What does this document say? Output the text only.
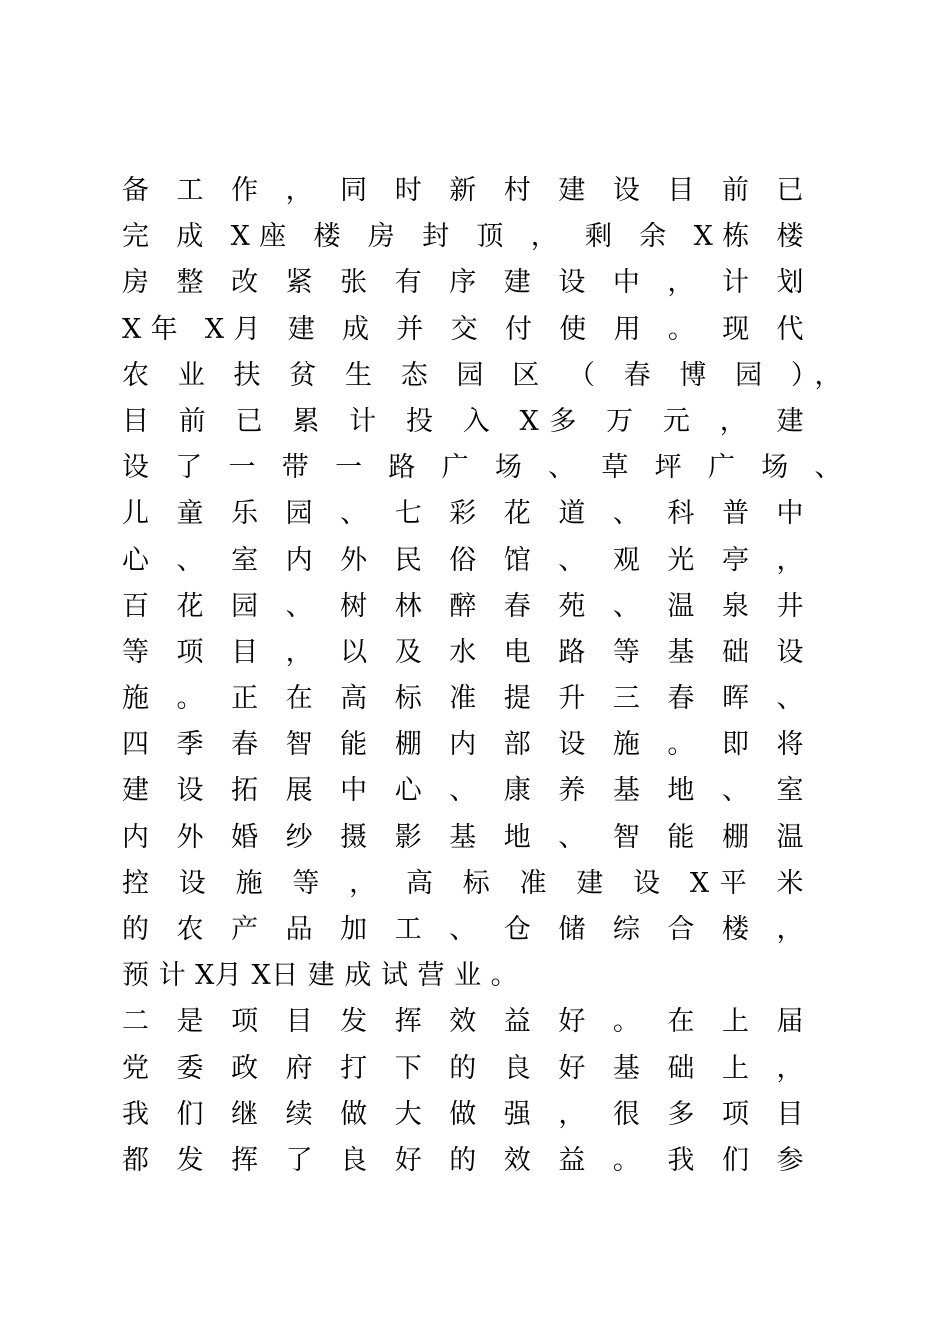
备 工 作 ， 同 时 新 村 建 设 目 前 已
完 成 X座 楼 房 封 顶 ， 剩 余 X栋 楼
房 整 改 紧 张 有 序 建 设 中 ， 计 划
X年 X月 建 成 并 交 付 使 用 。 现 代
农 业 扶 贫 生 态 园 区 （ 春 博 园 ），
目 前 已 累 计 投 入 X多 万 元 ， 建
设 了 一 带 一 路 广 场 、 草 坪 广 场 、
儿 童 乐 园 、 七 彩 花 道 、 科 普 中
心 、 室 内 外 民 俗 馆 、 观 光 亭 ，
百 花 园 、 树 林 醉 春 苑 、 温 泉 井
等 项 目 ， 以 及 水 电 路 等 基 础 设
施 。 正 在 高 标 准 提 升 三 春 晖 、
四 季 春 智 能 棚 内 部 设 施 。 即 将
建 设 拓 展 中 心 、 康 养 基 地 、 室
内 外 婚 纱 摄 影 基 地 、 智 能 棚 温
控 设 施 等 ， 高 标 准 建 设 X平 米
的 农 产 品 加 工 、 仓 储 综 合 楼 ，
预 计 X月 X日 建 成 试 营 业 。
二 是 项 目 发 挥 效 益 好 。 在 上 届
党 委 政 府 打 下 的 良 好 基 础 上 ，
我 们 继 续 做 大 做 强 ， 很 多 项 目
都 发 挥 了 良 好 的 效 益 。 我 们 参
